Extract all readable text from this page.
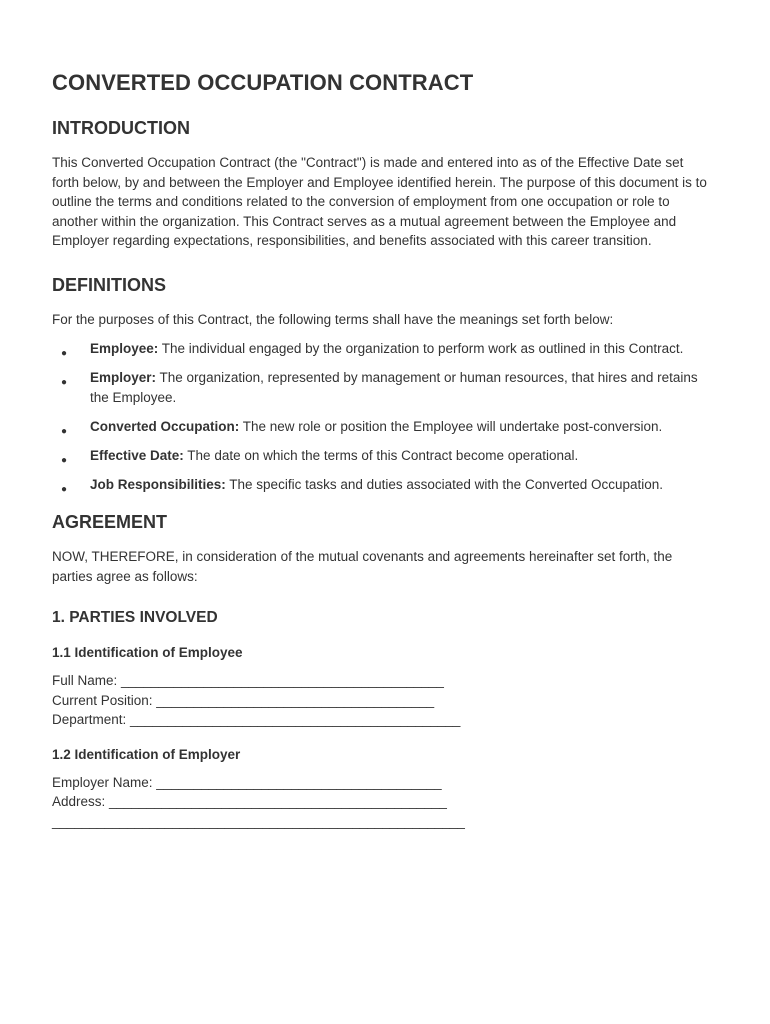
CONVERTED OCCUPATION CONTRACT
INTRODUCTION

This Converted Occupation Contract (the "Contract") is made and entered into as of the Effective Date set forth below, by and between the Employer and Employee identified herein. The purpose of this document is to outline the terms and conditions related to the conversion of employment from one occupation or role to another within the organization. This Contract serves as a mutual agreement between the Employee and Employer regarding expectations, responsibilities, and benefits associated with this career transition.

DEFINITIONS

For the purposes of this Contract, the following terms shall have the meanings set forth below:

● Employee: The individual engaged by the organization to perform work as outlined in this Contract.
● Employer: The organization, represented by management or human resources, that hires and retains the Employee.
● Converted Occupation: The new role or position the Employee will undertake post-conversion.
● Effective Date: The date on which the terms of this Contract become operational.
● Job Responsibilities: The specific tasks and duties associated with the Converted Occupation.
AGREEMENT

NOW, THEREFORE, in consideration of the mutual covenants and agreements hereinafter set forth, the parties agree as follows:

1. PARTIES INVOLVED
1.1 Identification of Employee
Full Name: ___________________________________________
Current Position: _____________________________________
Department: ____________________________________________
1.2 Identification of Employer
Employer Name: ______________________________________
Address: _____________________________________________
_______________________________________________________
